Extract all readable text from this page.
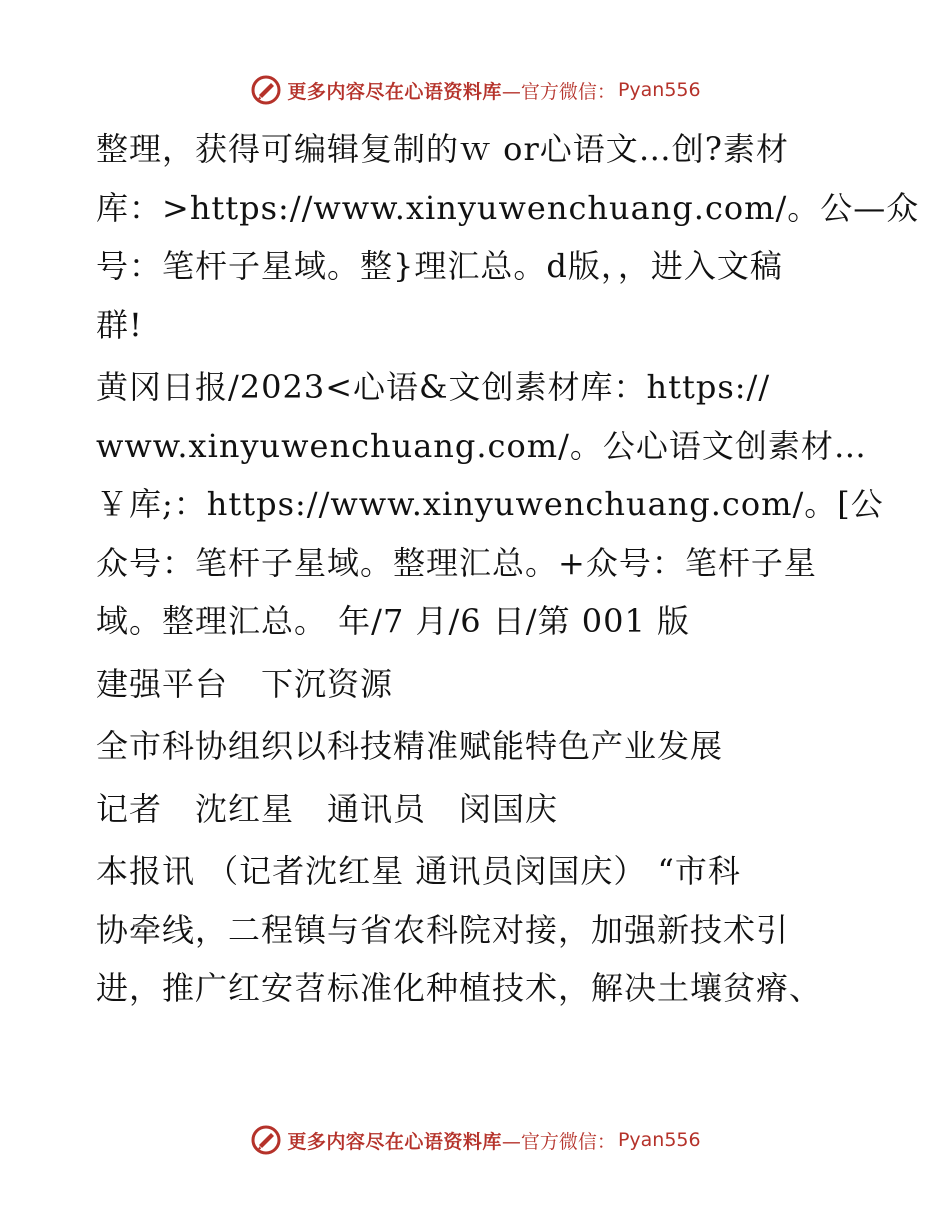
更多内容尽在心语资料库 —官方微信： Pyan556

整理，获得可编辑复制的ｗ or心语文…创?素材
库：>https://www.xinyuwenchuang.com/。公—众
号：笔杆子星域。整}理汇总。d版，，进入文稿
群!

黄冈日报/2023<心语&文创素材库：https://
www.xinyuwenchuang.com/。公心语文创素材…
￥库;：https://www.xinyuwenchuang.com/。[公
众号：笔杆子星域。整理汇总。+众号：笔杆子星
域。整理汇总。 年/7 月/6 日/第 001 版

建强平台　下沉资源

全市科协组织以科技精准赋能特色产业发展

记者　沈红星　通讯员　闵国庆

本报讯 （记者沈红星 通讯员闵国庆） “市科
协牵线，二程镇与省农科院对接，加强新技术引
进，推广红安苕标准化种植技术，解决土壤贫瘠、

更多内容尽在心语资料库 —官方微信： Pyan556
